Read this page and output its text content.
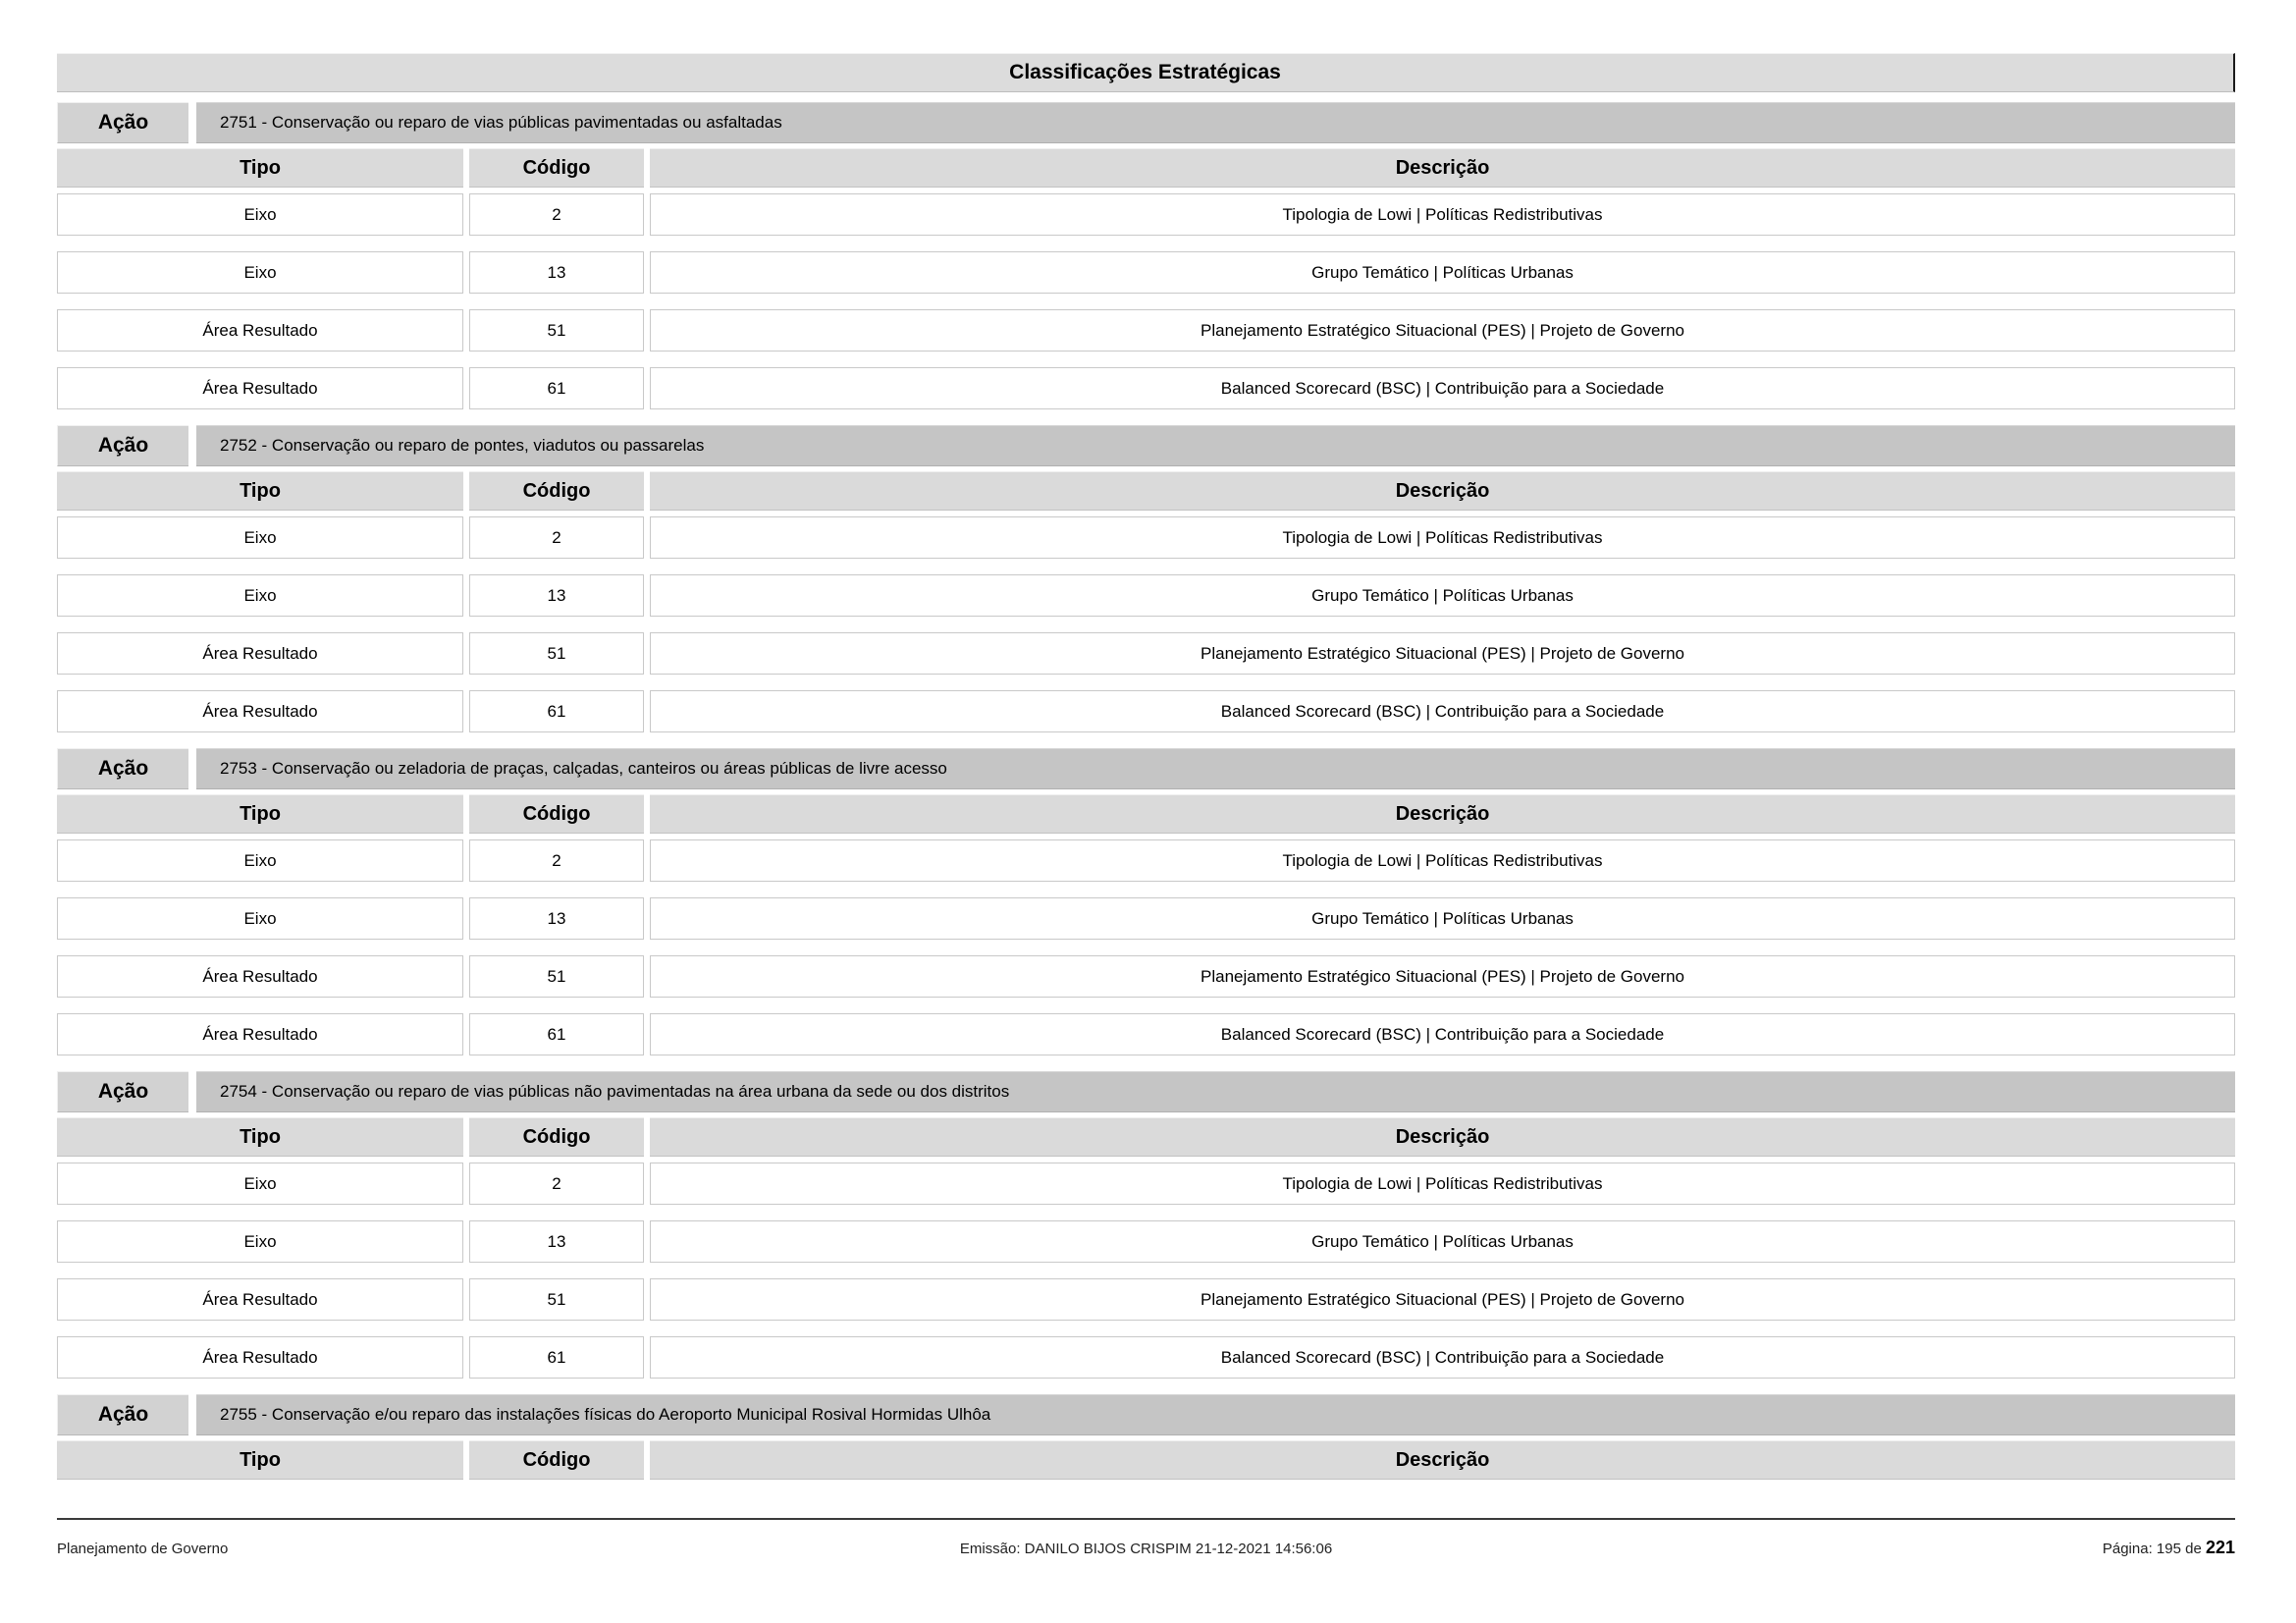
Classificações Estratégicas
Ação	2751 - Conservação ou reparo de vias públicas pavimentadas ou asfaltadas
Tipo	Código	Descrição
Eixo	2	Tipologia de Lowi | Políticas Redistributivas
Eixo	13	Grupo Temático | Políticas Urbanas
Área Resultado	51	Planejamento Estratégico Situacional (PES) | Projeto de Governo
Área Resultado	61	Balanced Scorecard (BSC) | Contribuição para a Sociedade
Ação	2752 - Conservação ou reparo de pontes, viadutos ou passarelas
Tipo	Código	Descrição
Eixo	2	Tipologia de Lowi | Políticas Redistributivas
Eixo	13	Grupo Temático | Políticas Urbanas
Área Resultado	51	Planejamento Estratégico Situacional (PES) | Projeto de Governo
Área Resultado	61	Balanced Scorecard (BSC) | Contribuição para a Sociedade
Ação	2753 - Conservação ou zeladoria de praças, calçadas, canteiros ou áreas públicas de livre acesso
Tipo	Código	Descrição
Eixo	2	Tipologia de Lowi | Políticas Redistributivas
Eixo	13	Grupo Temático | Políticas Urbanas
Área Resultado	51	Planejamento Estratégico Situacional (PES) | Projeto de Governo
Área Resultado	61	Balanced Scorecard (BSC) | Contribuição para a Sociedade
Ação	2754 - Conservação ou reparo de vias públicas não pavimentadas na área urbana da sede ou dos distritos
Tipo	Código	Descrição
Eixo	2	Tipologia de Lowi | Políticas Redistributivas
Eixo	13	Grupo Temático | Políticas Urbanas
Área Resultado	51	Planejamento Estratégico Situacional (PES) | Projeto de Governo
Área Resultado	61	Balanced Scorecard (BSC) | Contribuição para a Sociedade
Ação	2755 - Conservação e/ou reparo das instalações físicas do Aeroporto Municipal Rosival Hormidas Ulhôa
Tipo	Código	Descrição
Planejamento de Governo	Emissão: DANILO BIJOS CRISPIM 21-12-2021 14:56:06	Página: 195 de 221
